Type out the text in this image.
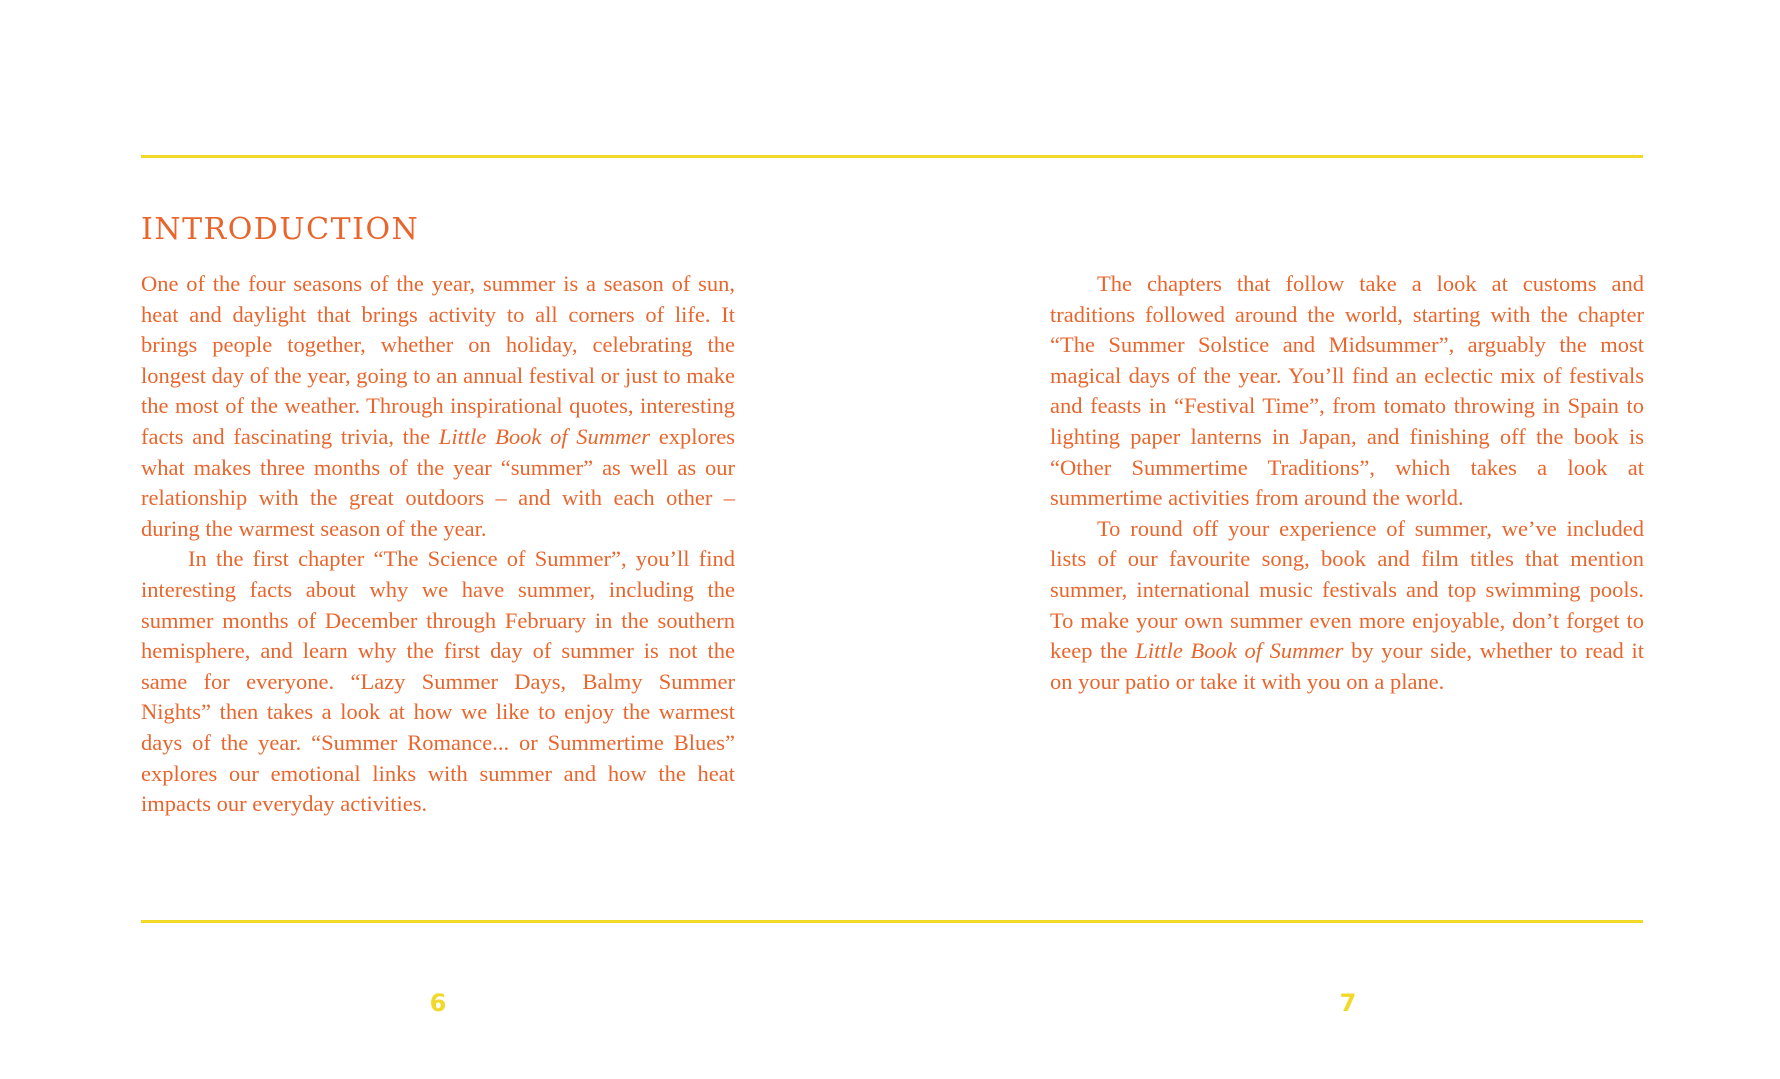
INTRODUCTION

One of the four seasons of the year, summer is a season of sun, heat and daylight that brings activity to all corners of life. It brings people together, whether on holiday, celebrating the longest day of the year, going to an annual festival or just to make the most of the weather. Through inspirational quotes, interesting facts and fascinating trivia, the Little Book of Summer explores what makes three months of the year “summer” as well as our relationship with the great outdoors – and with each other – during the warmest season of the year.

In the first chapter “The Science of Summer”, you’ll find interesting facts about why we have summer, including the summer months of December through February in the southern hemisphere, and learn why the first day of summer is not the same for everyone. “Lazy Summer Days, Balmy Summer Nights” then takes a look at how we like to enjoy the warmest days of the year. “Summer Romance... or Summertime Blues” explores our emotional links with summer and how the heat impacts our everyday activities.

The chapters that follow take a look at customs and traditions followed around the world, starting with the chapter “The Summer Solstice and Midsummer”, arguably the most magical days of the year. You’ll find an eclectic mix of festivals and feasts in “Festival Time”, from tomato throwing in Spain to lighting paper lanterns in Japan, and finishing off the book is “Other Summertime Traditions”, which takes a look at summertime activities from around the world.

To round off your experience of summer, we’ve included lists of our favourite song, book and film titles that mention summer, international music festivals and top swimming pools. To make your own summer even more enjoyable, don’t forget to keep the Little Book of Summer by your side, whether to read it on your patio or take it with you on a plane.

6	7
